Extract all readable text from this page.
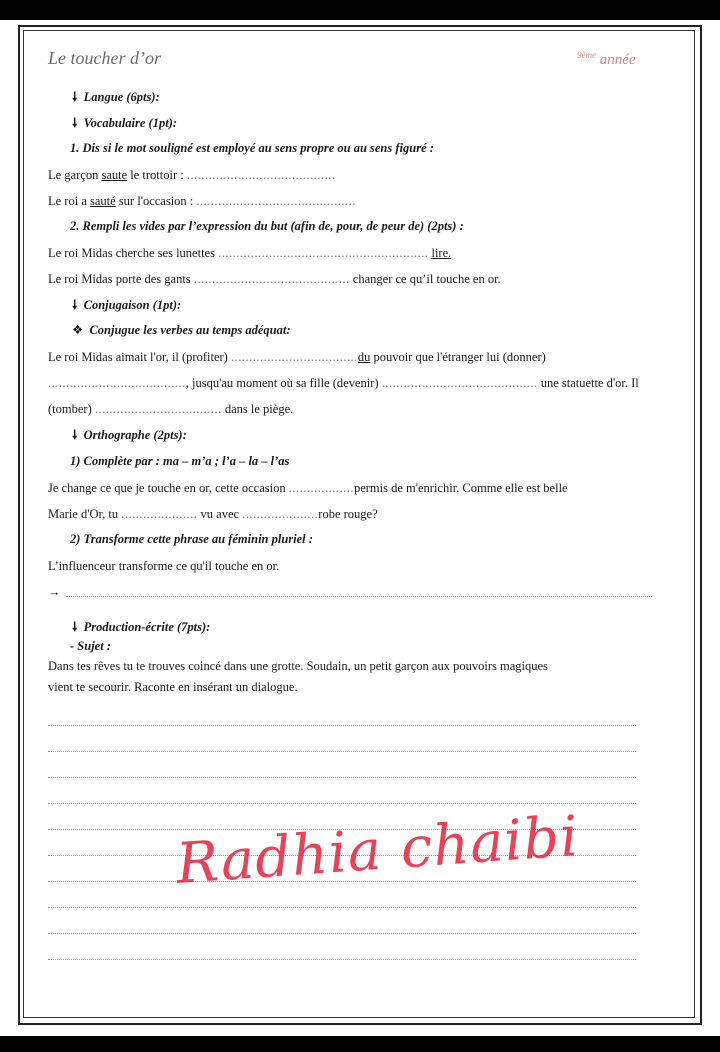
Le toucher d’or	$^{9ème}$ année
🠗 Langue (6pts):
🠗 Vocabulaire (1pt):
1. Dis si le mot souligné est employé au sens propre ou au sens figuré :
Le garçon saute le trottoir : .........................................
Le roi a sauté sur l'occasion : ............................................
2. Rempli les vides par l’expression du but (afin de, pour, de peur de) (2pts) :
Le roi Midas cherche ses lunettes .......................................................... lire.
Le roi Midas porte des gants ........................................... changer ce qu’il touche en or.
🠗 Conjugaison (1pt):
❖ Conjugue les verbes au temps adéquat:
Le roi Midas aimait l'or, il (profiter) ...................................du pouvoir que l'étranger lui (donner)
......................................, jusqu'au moment où sa fille (devenir) ........................................... une statuette d'or. Il
(tomber) ................................... dans le piège.
🠗 Orthographe (2pts):
1) Complète par : ma – m’a ; l’a – la – l’as
Je change ce que je touche en or, cette occasion ..................permis de m'enrichir. Comme elle est belle
Marie d'Or, tu ..................... vu avec .....................robe rouge?
2) Transforme cette phrase au féminin pluriel :
L’influenceur transforme ce qu'il touche en or.
→
🠗 Production-écrite (7pts):
- Sujet :
Dans tes rêves tu te trouves coincé dans une grotte. Soudain, un petit garçon aux pouvoirs magiques
vient te secourir. Raconte en insérant un dialogue.
Radhia chaibi
